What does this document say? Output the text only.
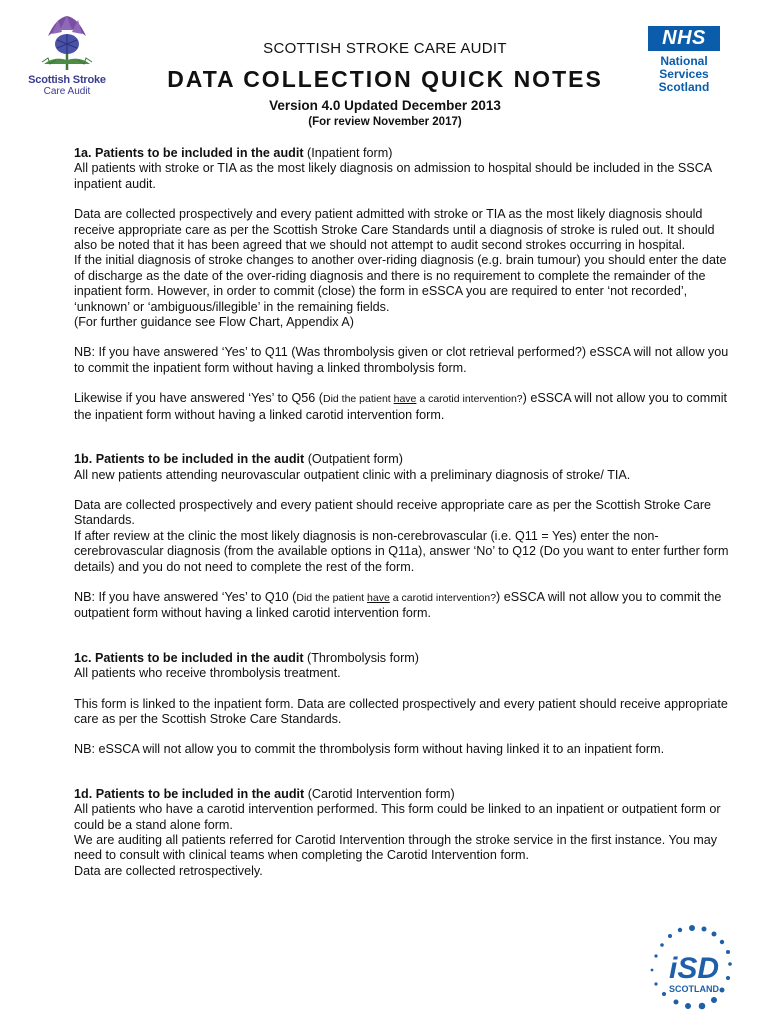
Scottish Stroke
Care Audit
NHS
National
Services
Scotland
SCOTTISH STROKE CARE AUDIT
DATA COLLECTION QUICK NOTES
Version 4.0 Updated December 2013
(For review November 2017)

1a. Patients to be included in the audit (Inpatient form)

All patients with stroke or TIA as the most likely diagnosis on admission to hospital should be included in the SSCA inpatient audit.

Data are collected prospectively and every patient admitted with stroke or TIA as the most likely diagnosis should receive appropriate care as per the Scottish Stroke Care Standards until a diagnosis of stroke is ruled out. It should also be noted that it has been agreed that we should not attempt to audit second strokes occurring in hospital.

If the initial diagnosis of stroke changes to another over-riding diagnosis (e.g. brain tumour) you should enter the date of discharge as the date of the over-riding diagnosis and there is no requirement to complete the remainder of the inpatient form. However, in order to commit (close) the form in eSSCA you are required to enter ‘not recorded’, ‘unknown’ or ‘ambiguous/illegible’ in the remaining fields.

(For further guidance see Flow Chart, Appendix A)

NB: If you have answered ‘Yes’ to Q11 (Was thrombolysis given or clot retrieval performed?) eSSCA will not allow you to commit the inpatient form without having a linked thrombolysis form.

Likewise if you have answered ‘Yes’ to Q56 (Did the patient have a carotid intervention?) eSSCA will not allow you to commit the inpatient form without having a linked carotid intervention form.

1b. Patients to be included in the audit (Outpatient form)

All new patients attending neurovascular outpatient clinic with a preliminary diagnosis of stroke/ TIA.

Data are collected prospectively and every patient should receive appropriate care as per the Scottish Stroke Care Standards.

If after review at the clinic the most likely diagnosis is non-cerebrovascular (i.e. Q11 = Yes) enter the non-cerebrovascular diagnosis (from the available options in Q11a), answer ‘No’ to Q12 (Do you want to enter further form details) and you do not need to complete the rest of the form.

NB: If you have answered ‘Yes’ to Q10 (Did the patient have a carotid intervention?) eSSCA will not allow you to commit the outpatient form without having a linked carotid intervention form.

1c. Patients to be included in the audit (Thrombolysis form)

All patients who receive thrombolysis treatment.

This form is linked to the inpatient form. Data are collected prospectively and every patient should receive appropriate care as per the Scottish Stroke Care Standards.

NB: eSSCA will not allow you to commit the thrombolysis form without having linked it to an inpatient form.

1d. Patients to be included in the audit (Carotid Intervention form)

All patients who have a carotid intervention performed. This form could be linked to an inpatient or outpatient form or could be a stand alone form.

We are auditing all patients referred for Carotid Intervention through the stroke service in the first instance. You may need to consult with clinical teams when completing the Carotid Intervention form.

Data are collected retrospectively.

iSD
SCOTLAND
